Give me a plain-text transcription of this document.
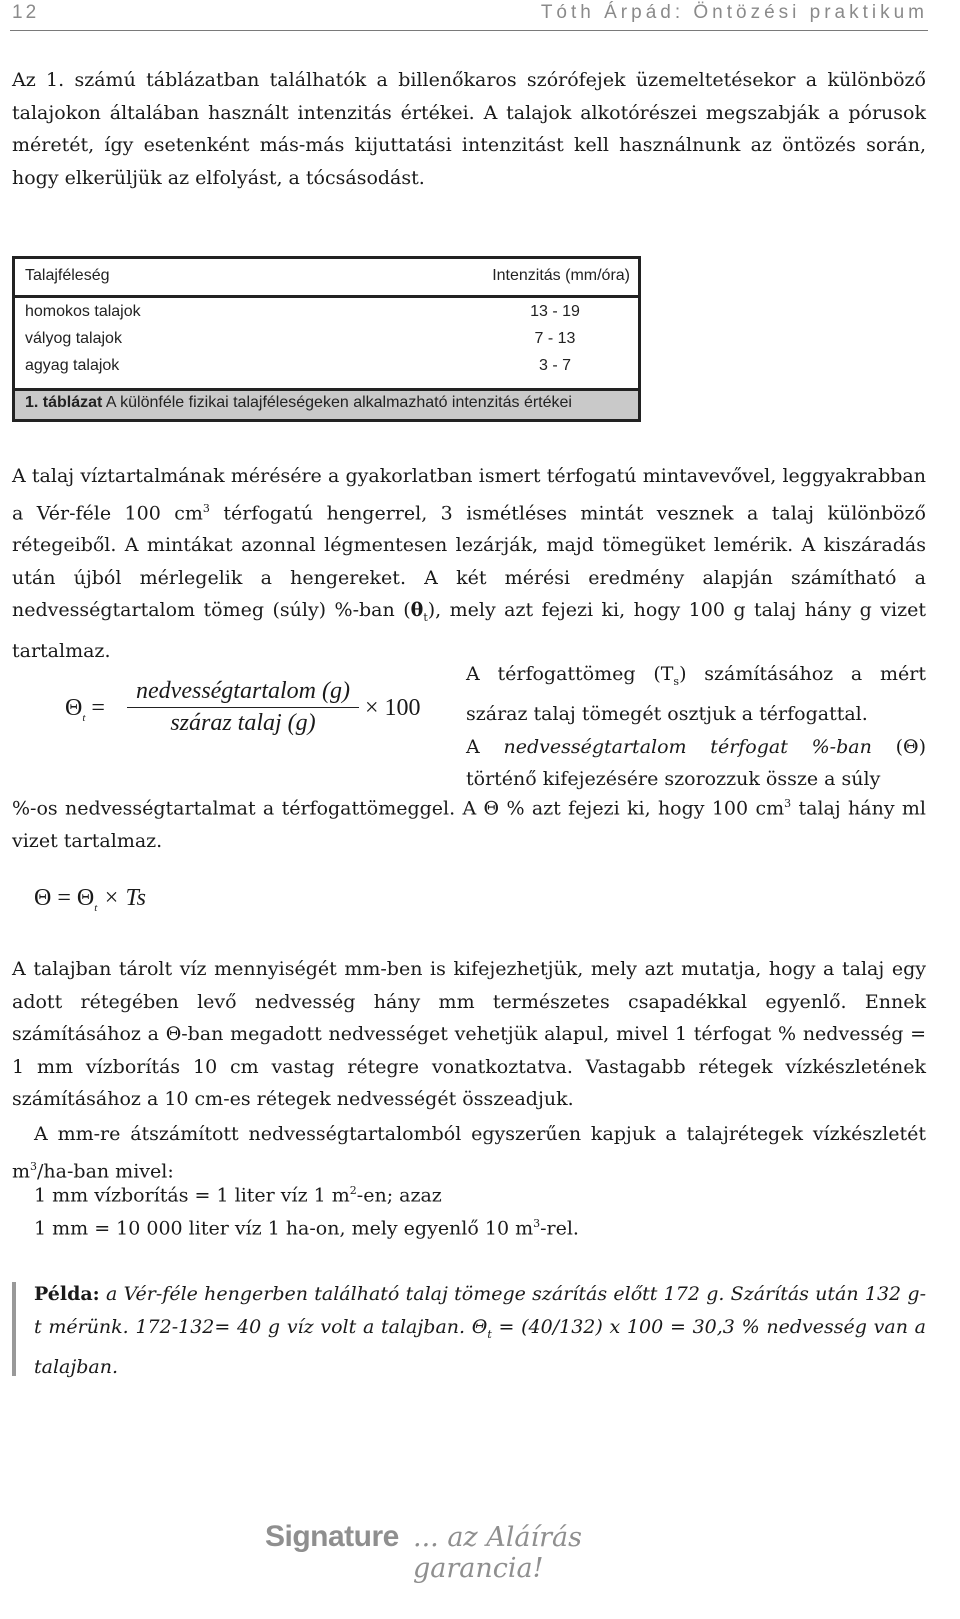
12	Tóth Árpád: Öntözési praktikum

Az 1. számú táblázatban találhatók a billenőkaros szórófejek üzemeltetésekor a különböző talajokon általában használt intenzitás értékei. A talajok alkotórészei megszabják a pórusok méretét, így esetenként más-más kijuttatási intenzitást kell használnunk az öntözés során, hogy elkerüljük az elfolyást, a tócsásodást.

Talajféleség	Intenzitás (mm/óra)
homokos talajok	13 - 19
vályog talajok	7 - 13
agyag talajok	3 - 7
1. táblázat A különféle fizikai talajféleségeken alkalmazható intenzitás értékei

A talaj víztartalmának mérésére a gyakorlatban ismert térfogatú mintavevővel, leggyakrabban a Vér-féle 100 $cm^3$ térfogatú hengerrel, 3 ismétléses mintát vesznek a talaj különböző rétegeiből. A mintákat azonnal légmentesen lezárják, majd tömegüket lemérik. A kiszáradás után újból mérlegelik a hengereket. A két mérési eredmény alapján számítható a nedvességtartalom tömeg (súly) %-ban $(\theta_t)$, mely azt fejezi ki, hogy 100 g talaj hány g vizet tartalmaz.

$\Theta_t$ =
nedvességtartalom (g)
száraz talaj (g)
× 100

A térfogattömeg $(T_s)$ számításához a mért száraz talaj tömegét osztjuk a térfogattal.
A nedvességtartalom térfogat %-ban (Θ) történő kifejezésére szorozzuk össze a súly

%-os nedvességtartalmat a térfogattömeggel. A Θ % azt fejezi ki, hogy 100 $cm^3$ talaj hány ml vizet tartalmaz.

$\Theta = \Theta_t \times Ts$

A talajban tárolt víz mennyiségét mm-ben is kifejezhetjük, mely azt mutatja, hogy a talaj egy adott rétegében levő nedvesség hány mm természetes csapadékkal egyenlő. Ennek számításához a Θ-ban megadott nedvességet vehetjük alapul, mivel 1 térfogat % nedvesség = 1 mm vízborítás 10 cm vastag rétegre vonatkoztatva. Vastagabb rétegek vízkészletének számításához a 10 cm-es rétegek nedvességét összeadjuk.

A mm-re átszámított nedvességtartalomból egyszerűen kapjuk a talajrétegek vízkészletét $m^3/ha$-ban mivel:

1 mm vízborítás = 1 liter víz 1 $m^2-en$; azaz
1 mm = 10 000 liter víz 1 ha-on, mely egyenlő 10 $m^3$-rel.

Példa: a Vér-féle hengerben található talaj tömege szárítás előtt 172 g. Szárítás után 132 g-t mérünk. 172-132= 40 g víz volt a talajban. $\Theta_t = (40/132)$ x 100 = 30,3 % nedvesség van a talajban.

Signature ... az Aláírás garancia!
